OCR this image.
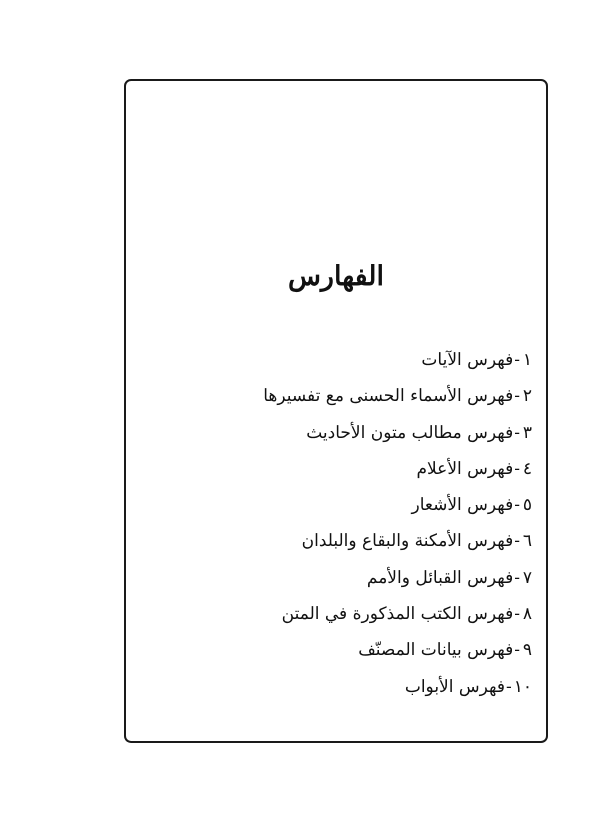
الفهارس
١-فهرس الآيات
٢-فهرس الأسماء الحسنى مع تفسيرها
٣-فهرس مطالب متون الأحاديث
٤-فهرس الأعلام
٥-فهرس الأشعار
٦-فهرس الأمكنة والبقاع والبلدان
٧-فهرس القبائل والأمم
٨-فهرس الكتب المذكورة في المتن
٩-فهرس بيانات المصنّف
١٠-فهرس الأبواب
